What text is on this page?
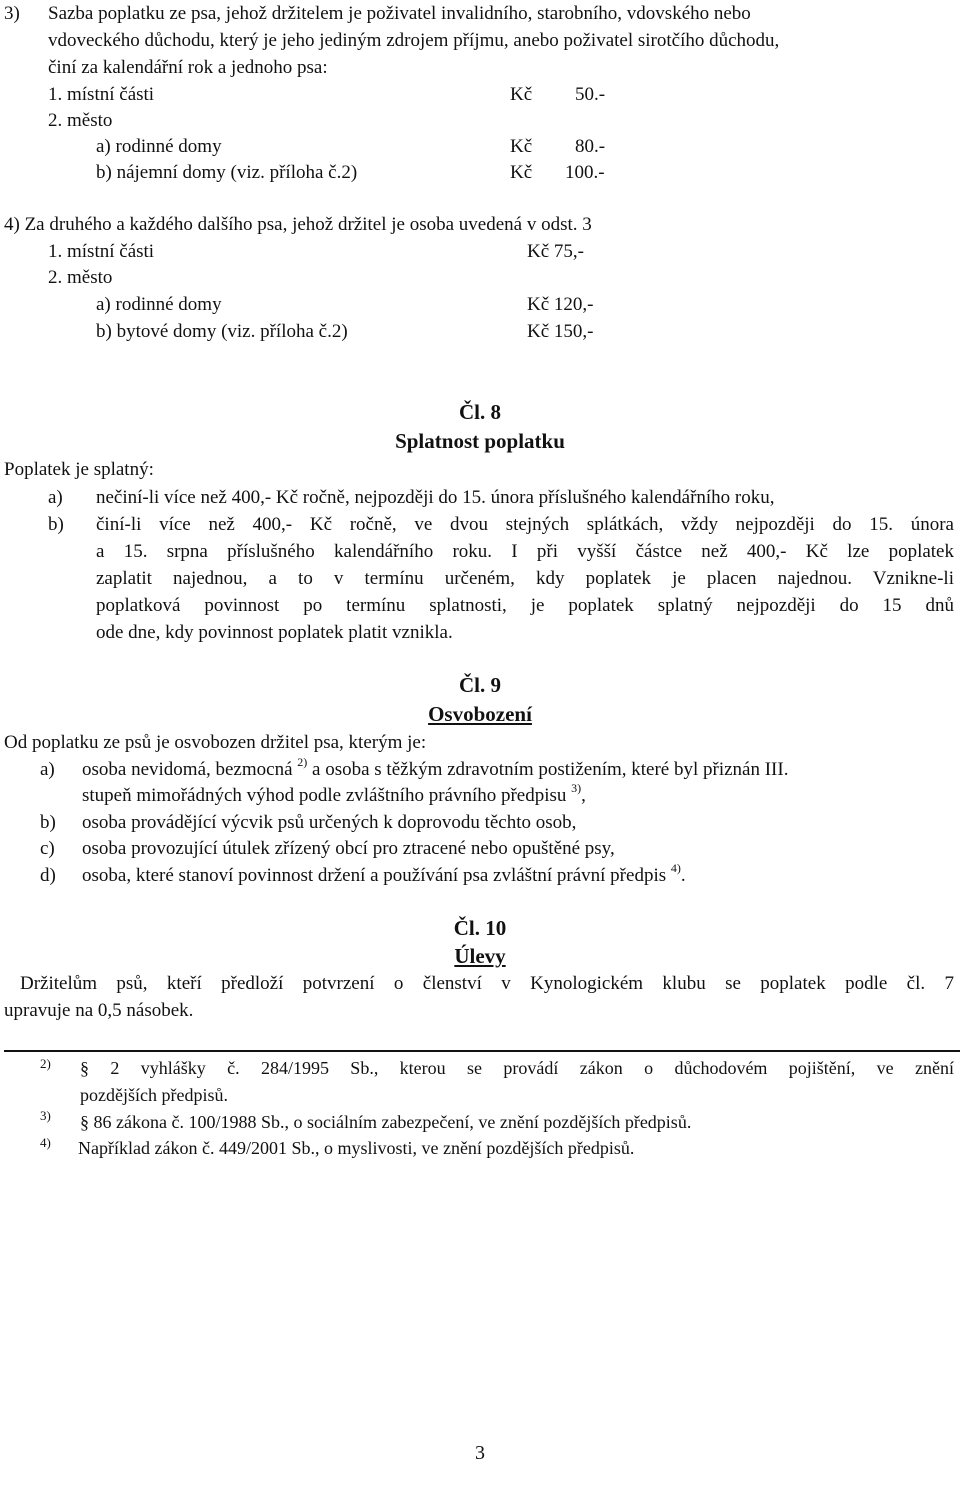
3) Sazba poplatku ze psa, jehož držitelem je poživatel invalidního, starobního, vdovského nebo
vdoveckého důchodu, který je jeho jediným zdrojem příjmu, anebo poživatel sirotčího důchodu,
činí za kalendářní rok a jednoho psa:
1. místní části	Kč 50.-
2. město
a) rodinné domy	Kč 80.-
b) nájemní domy (viz. příloha č.2)	Kč 100.-
4) Za druhého a každého dalšího psa, jehož držitel je osoba uvedená v odst. 3
1. místní části	Kč 75,-
2. město
a) rodinné domy	Kč 120,-
b) bytové domy (viz. příloha č.2)	Kč 150,-
Čl. 8
Splatnost poplatku
Poplatek je splatný:
a) nečiní-li více než 400,- Kč ročně, nejpozději do 15. února příslušného kalendářního roku,
b) činí-li více než 400,- Kč ročně, ve dvou stejných splátkách, vždy nejpozději do 15. února
a 15. srpna příslušného kalendářního roku. I při vyšší částce než 400,- Kč lze poplatek
zaplatit najednou, a to v termínu určeném, kdy poplatek je placen najednou. Vznikne-li
poplatková povinnost po termínu splatnosti, je poplatek splatný nejpozději do 15 dnů
ode dne, kdy povinnost poplatek platit vznikla.
Čl. 9
Osvobození
Od poplatku ze psů je osvobozen držitel psa, kterým je:
a) osoba nevidomá, bezmocná $^{2)}$ a osoba s těžkým zdravotním postižením, které byl přiznán III.
stupeň mimořádných výhod podle zvláštního právního předpisu $^{3)}$,
b) osoba provádějící výcvik psů určených k doprovodu těchto osob,
c) osoba provozující útulek zřízený obcí pro ztracené nebo opuštěné psy,
d) osoba, které stanoví povinnost držení a používání psa zvláštní právní předpis $^{4)}$.
Čl. 10
Úlevy
Držitelům psů, kteří předloží potvrzení o členství v Kynologickém klubu se poplatek podle čl. 7
upravuje na 0,5 násobek.
2) § 2 vyhlášky č. 284/1995 Sb., kterou se provádí zákon o důchodovém pojištění, ve znění
pozdějších předpisů.
3) § 86 zákona č. 100/1988 Sb., o sociálním zabezpečení, ve znění pozdějších předpisů.
4) Například zákon č. 449/2001 Sb., o myslivosti, ve znění pozdějších předpisů.
3
